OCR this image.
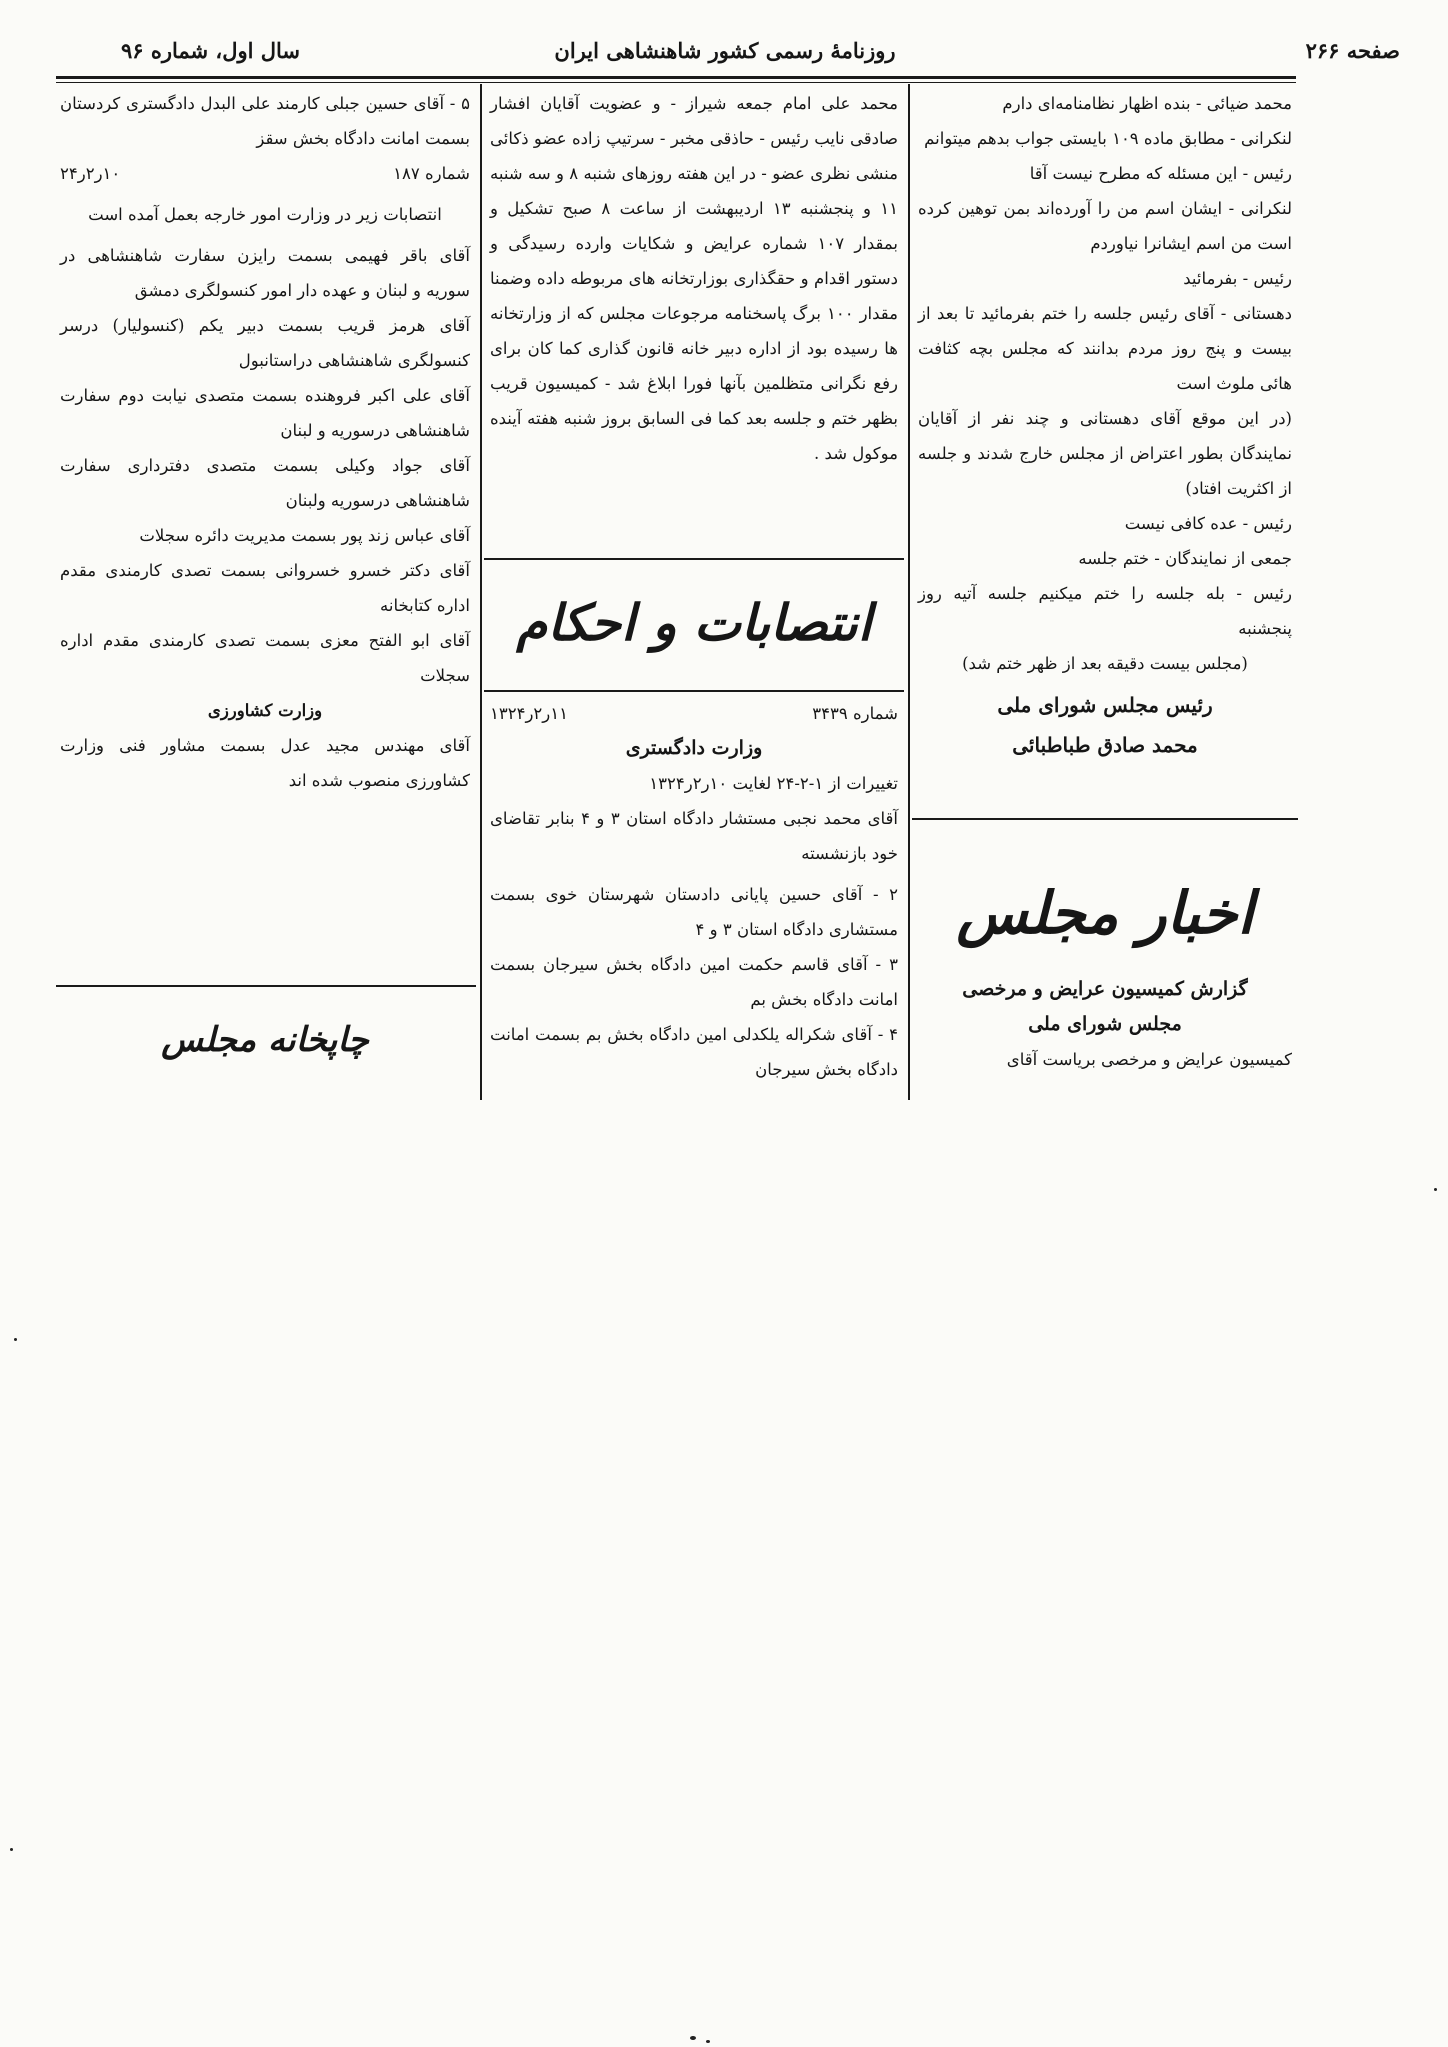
صفحه ۲۶۶
روزنامهٔ رسمی کشور شاهنشاهی ایران
سال اول، شماره ۹۶

محمد ضیائی - بنده اظهار نظامنامه‌ای دارم

لنکرانی - مطابق ماده ۱۰۹ بایستی جواب بدهم میتوانم

رئیس - این مسئله که مطرح نیست آقا

لنکرانی - ایشان اسم من را آورده‌اند بمن توهین کرده است من اسم ایشانرا نیاوردم

رئیس - بفرمائید

دهستانی - آقای رئیس جلسه را ختم بفرمائید تا بعد از بیست و پنج روز مردم بدانند که مجلس بچه کثافت هائی ملوث است

(در این موقع آقای دهستانی و چند نفر از آقایان نمایندگان بطور اعتراض از مجلس خارج شدند و جلسه از اکثریت افتاد)

رئیس - عده کافی نیست

جمعی از نمایندگان - ختم جلسه

رئیس - بله جلسه را ختم میکنیم جلسه آتیه روز پنجشنبه

(مجلس بیست دقیقه بعد از ظهر ختم شد)

رئیس مجلس شورای ملی

محمد صادق طباطبائی

اخبار مجلس

گزارش کمیسیون عرایض و مرخصی

مجلس شورای ملی

کمیسیون عرایض و مرخصی بریاست آقای

محمد علی امام جمعه شیراز - و عضویت آقایان افشار صادقی نایب رئیس - حاذقی مخبر - سرتیپ زاده عضو ذکائی منشی نظری عضو - در این هفته روزهای شنبه ۸ و سه شنبه ۱۱ و پنجشنبه ۱۳ اردیبهشت از ساعت ۸ صبح تشکیل و بمقدار ۱۰۷ شماره عرایض و شکایات وارده رسیدگی و دستور اقدام و حقگذاری بوزارتخانه های مربوطه داده وضمنا مقدار ۱۰۰ برگ پاسخنامه مرجوعات مجلس که از وزارتخانه ها رسیده بود از اداره دبیر خانه قانون گذاری کما کان برای رفع نگرانی متظلمین بآنها فورا ابلاغ شد - کمیسیون قریب بظهر ختم و جلسه بعد کما فی السابق بروز شنبه هفته آینده موکول شد .

انتصابات و احکام
شماره ۳۴۳۹
۱۱ر۲ر۱۳۲۴

وزارت دادگستری

تغییرات از ۱-۲-۲۴ لغایت ۱۰ر۲ر۱۳۲۴

آقای محمد نجبی مستشار دادگاه استان ۳ و ۴ بنابر تقاضای خود بازنشسته

۲ - آقای حسین پایانی دادستان شهرستان خوی بسمت مستشاری دادگاه استان ۳ و ۴

۳ - آقای قاسم حکمت امین دادگاه بخش سیرجان بسمت امانت دادگاه بخش بم

۴ - آقای شکراله یلکدلی امین دادگاه بخش بم بسمت امانت دادگاه بخش سیرجان

۵ - آقای حسین جبلی کارمند علی البدل دادگستری کردستان بسمت امانت دادگاه بخش سقز

شماره ۱۸۷
۱۰ر۲ر۲۴

انتصابات زیر در وزارت امور خارجه بعمل آمده است

آقای باقر فهیمی بسمت رایزن سفارت شاهنشاهی در سوریه و لبنان و عهده دار امور کنسولگری دمشق

آقای هرمز قریب بسمت دبیر یکم (کنسولیار) درسر کنسولگری شاهنشاهی دراستانبول

آقای علی اکبر فروهنده بسمت متصدی نیابت دوم سفارت شاهنشاهی درسوریه و لبنان

آقای جواد وکیلی بسمت متصدی دفترداری سفارت شاهنشاهی درسوریه ولبنان

آقای عباس زند پور بسمت مدیریت دائره سجلات

آقای دکتر خسرو خسروانی بسمت تصدی کارمندی مقدم اداره کتابخانه

آقای ابو الفتح معزی بسمت تصدی کارمندی مقدم اداره سجلات

وزارت کشاورزی

آقای مهندس مجید عدل بسمت مشاور فنی وزارت کشاورزی منصوب شده اند

چاپخانه مجلس
